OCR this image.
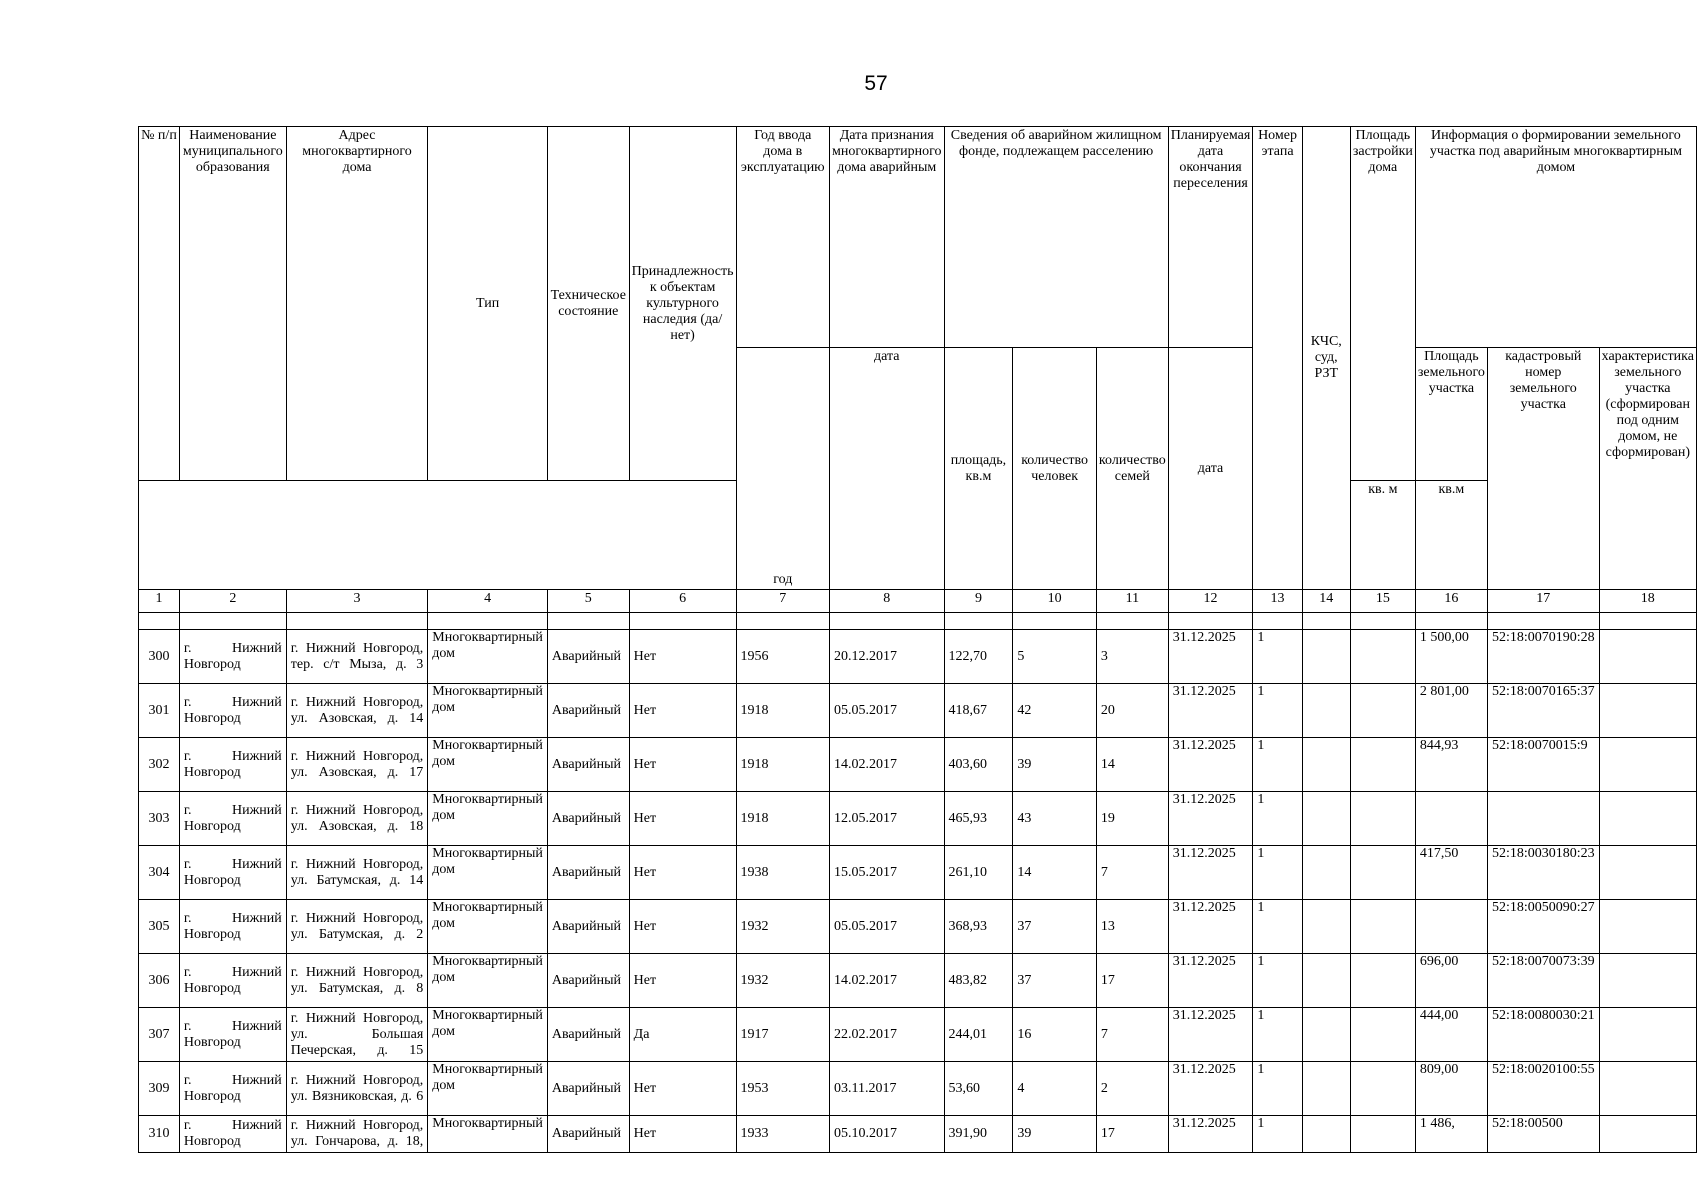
57
№ п/п	Наименование муниципального образования	Адрес многоквартирного дома	Тип	Техническое состояние	Принадлежность к объектам культурного наследия (да/нет)	Год ввода дома в эксплуатацию	Дата признания многоквартирного дома аварийным	Сведения об аварийном жилищном фонде, подлежащем расселению			Планируемая дата окончания переселения	Номер этапа	КЧС, суд, РЗТ	Площадь застройки дома	Информация о формировании земельного участка под аварийным многоквартирным домом		
						год	дата	площадь, кв.м	количество человек	количество семей	дата				Площадь земельного участка	кадастровый номер земельного участка	характеристика земельного участка (сформирован под одним домом, не сформирован)
														кв. м	кв.м		
1	2	3	4	5	6	7	8	9	10	11	12	13	14	15	16	17	18

300	г. Нижний Новгород	г. Нижний Новгород, тер. с/т Мыза, д. 3	Многоквартирный дом	Аварийный	Нет	1956	20.12.2017	122,70	5	3	31.12.2025	1			1 500,00	52:18:0070190:28	
301	г. Нижний Новгород	г. Нижний Новгород, ул. Азовская, д. 14	Многоквартирный дом	Аварийный	Нет	1918	05.05.2017	418,67	42	20	31.12.2025	1			2 801,00	52:18:0070165:37	
302	г. Нижний Новгород	г. Нижний Новгород, ул. Азовская, д. 17	Многоквартирный дом	Аварийный	Нет	1918	14.02.2017	403,60	39	14	31.12.2025	1			844,93	52:18:0070015:9	
303	г. Нижний Новгород	г. Нижний Новгород, ул. Азовская, д. 18	Многоквартирный дом	Аварийный	Нет	1918	12.05.2017	465,93	43	19	31.12.2025	1					
304	г. Нижний Новгород	г. Нижний Новгород, ул. Батумская, д. 14	Многоквартирный дом	Аварийный	Нет	1938	15.05.2017	261,10	14	7	31.12.2025	1			417,50	52:18:0030180:23	
305	г. Нижний Новгород	г. Нижний Новгород, ул. Батумская, д. 2	Многоквартирный дом	Аварийный	Нет	1932	05.05.2017	368,93	37	13	31.12.2025	1				52:18:0050090:27	
306	г. Нижний Новгород	г. Нижний Новгород, ул. Батумская, д. 8	Многоквартирный дом	Аварийный	Нет	1932	14.02.2017	483,82	37	17	31.12.2025	1			696,00	52:18:0070073:39	
307	г. Нижний Новгород	г. Нижний Новгород, ул. Большая Печерская, д. 15	Многоквартирный дом	Аварийный	Да	1917	22.02.2017	244,01	16	7	31.12.2025	1			444,00	52:18:0080030:21	
309	г. Нижний Новгород	г. Нижний Новгород, ул. Вязниковская, д. 6	Многоквартирный дом	Аварийный	Нет	1953	03.11.2017	53,60	4	2	31.12.2025	1			809,00	52:18:0020100:55	
310	г. Нижний Новгород	г. Нижний Новгород, ул. Гончарова, д. 18,	Многоквартирный	Аварийный	Нет	1933	05.10.2017	391,90	39	17	31.12.2025	1			1 486,	52:18:00500	
